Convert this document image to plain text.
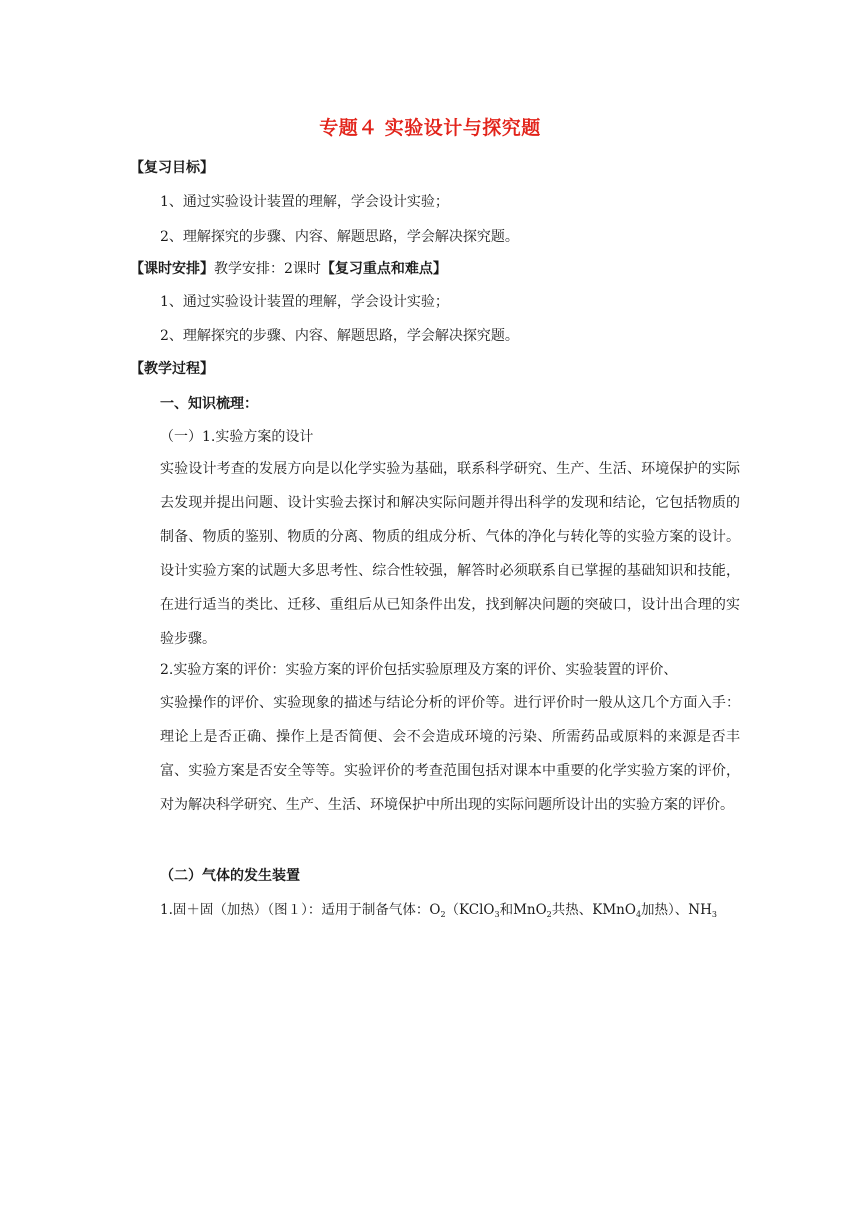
专题４ 实验设计与探究题
【复习目标】
1、通过实验设计装置的理解，学会设计实验；
2、理解探究的步骤、内容、解题思路，学会解决探究题。
【课时安排】教学安排：2课时【复习重点和难点】
1、通过实验设计装置的理解，学会设计实验；
2、理解探究的步骤、内容、解题思路，学会解决探究题。
【教学过程】
一、知识梳理：
（一）1.实验方案的设计
实验设计考查的发展方向是以化学实验为基础，联系科学研究、生产、生活、环境保护的实际去发现并提出问题、设计实验去探讨和解决实际问题并得出科学的发现和结论，它包括物质的制备、物质的鉴别、物质的分离、物质的组成分析、气体的净化与转化等的实验方案的设计。设计实验方案的试题大多思考性、综合性较强，解答时必须联系自已掌握的基础知识和技能，在进行适当的类比、迁移、重组后从已知条件出发，找到解决问题的突破口，设计出合理的实验步骤。
2.实验方案的评价：实验方案的评价包括实验原理及方案的评价、实验装置的评价、
实验操作的评价、实验现象的描述与结论分析的评价等。进行评价时一般从这几个方面入手：理论上是否正确、操作上是否简便、会不会造成环境的污染、所需药品或原料的来源是否丰富、实验方案是否安全等等。实验评价的考查范围包括对课本中重要的化学实验方案的评价，对为解决科学研究、生产、生活、环境保护中所出现的实际问题所设计出的实验方案的评价。
（二）气体的发生装置
1.固＋固（加热）（图１）：适用于制备气体：$O_2(KClO_3$和MnO$_2$共热、KMnO$_4$加热）、$NH_3$
